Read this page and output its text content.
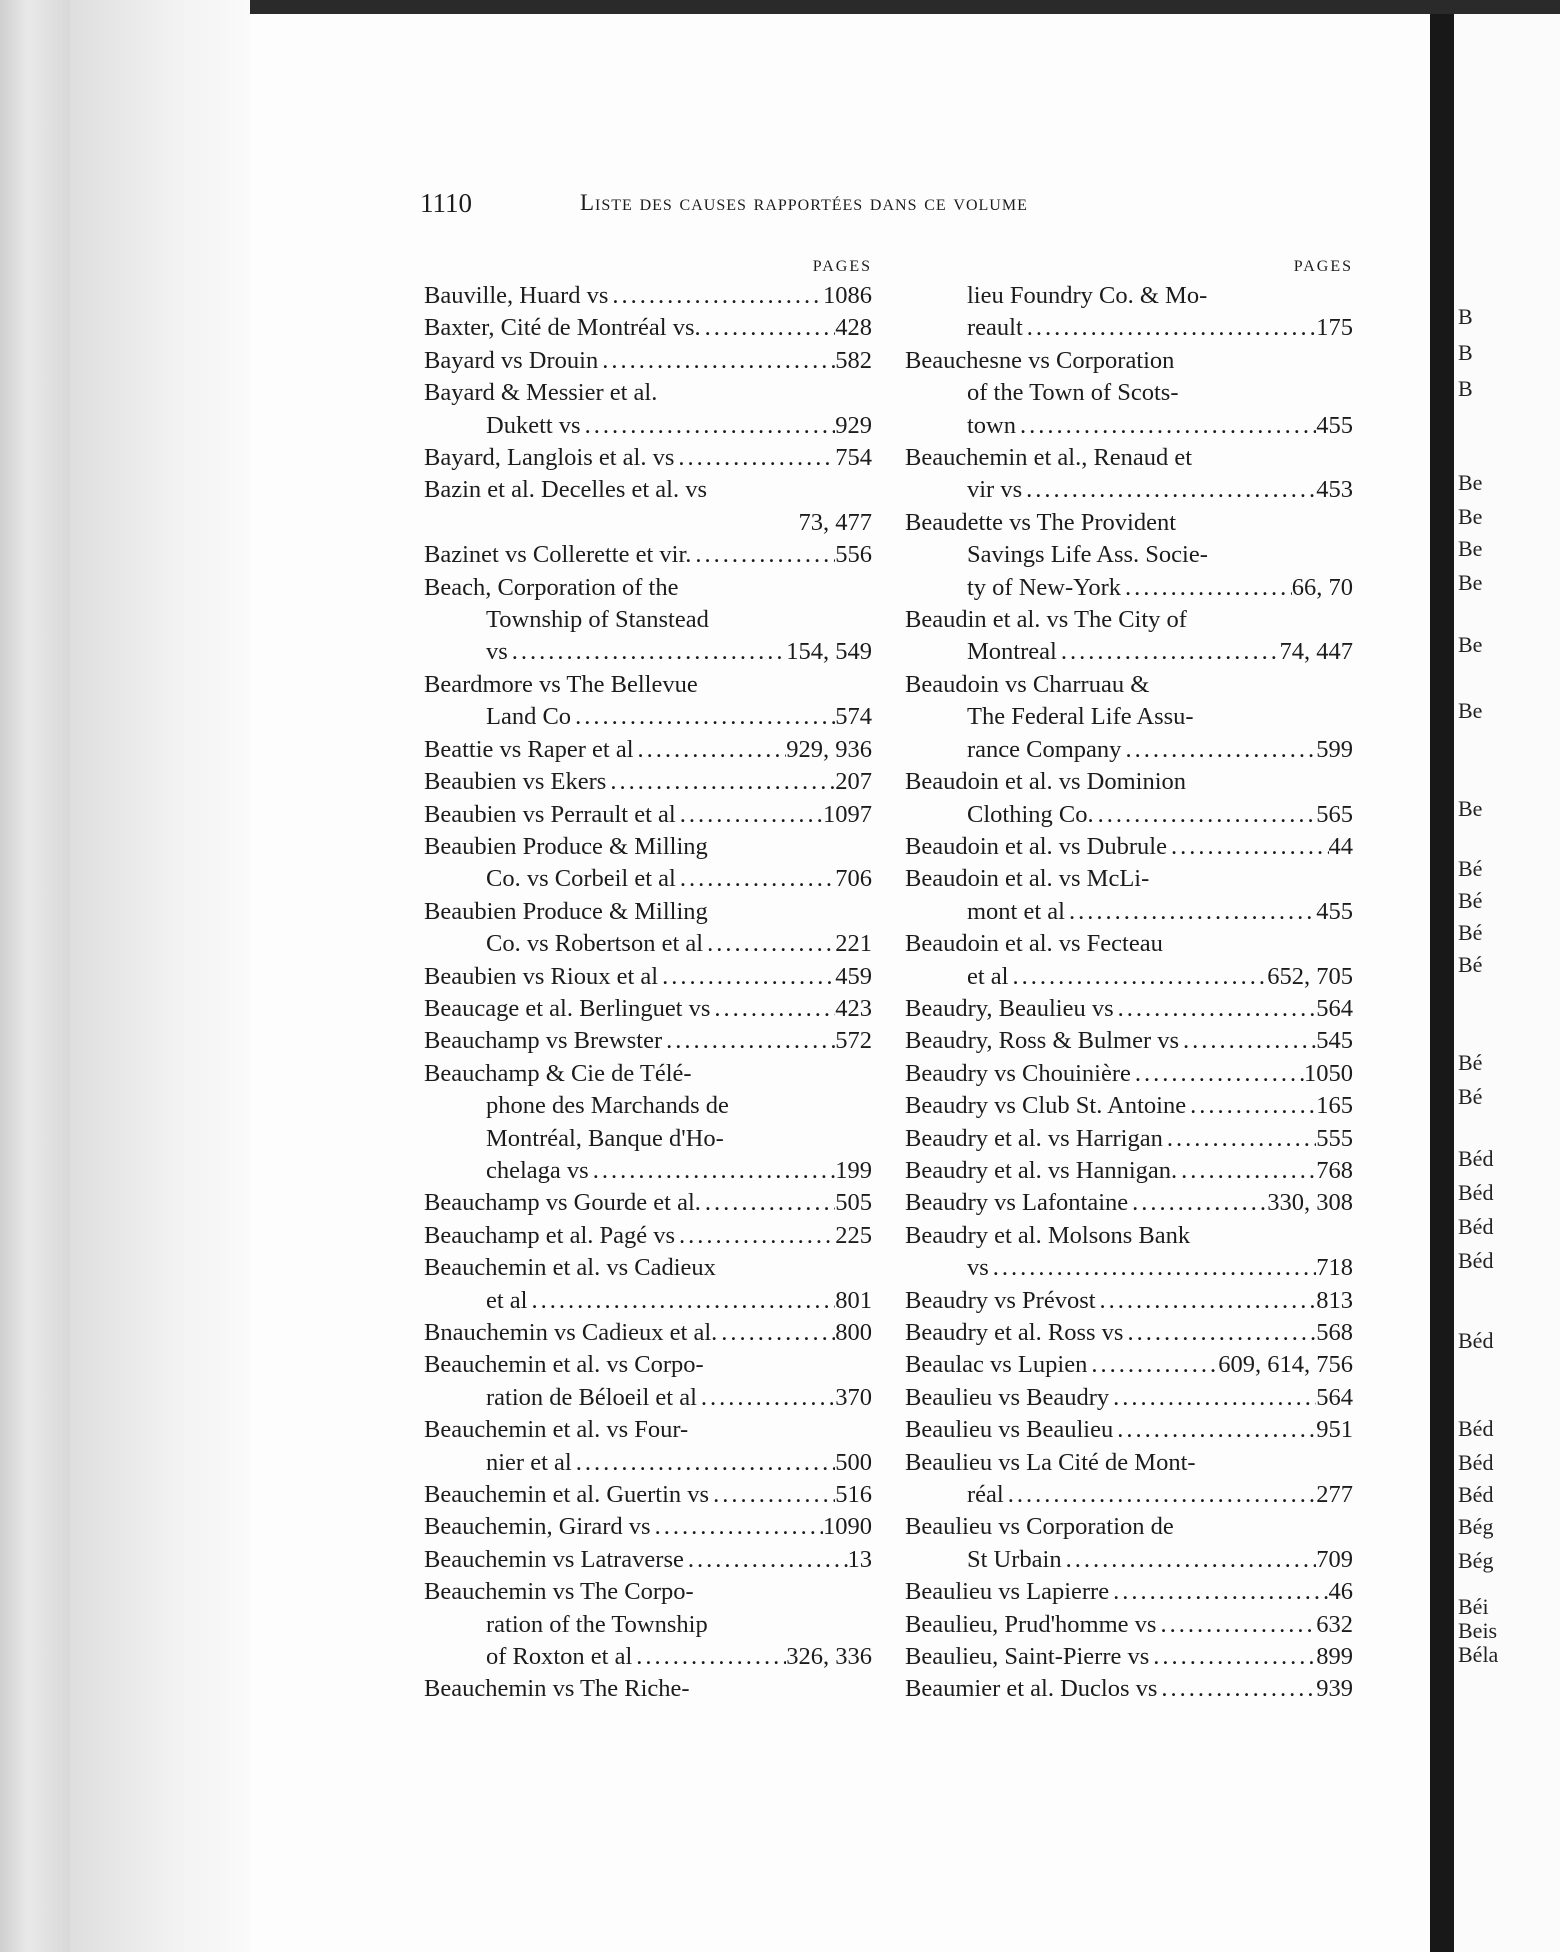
B
B
B
Be
Be
Be
Be
Be
Be
Be
Bé
Bé
Bé
Bé
Bé
Bé
Béd
Béd
Béd
Béd
Béd
Béd
Béd
Béd
Bég
Bég
Béi
Beis
Béla
1110	Liste des causes rapportées dans ce volume
PAGES
Bauville, Huard vs .....	1086
Baxter, Cité de Montréal vs. .....	428
Bayard vs Drouin .....	582
Bayard & Messier et al.
Dukett vs .....	929
Bayard, Langlois et al. vs .....	754
Bazin et al. Decelles et al. vs
73, 477
Bazinet vs Collerette et vir. .....	556
Beach, Corporation of the
Township of Stanstead
vs .....	154, 549
Beardmore vs The Bellevue
Land Co .....	574
Beattie vs Raper et al .....	929, 936
Beaubien vs Ekers .....	207
Beaubien vs Perrault et al .....	1097
Beaubien Produce & Milling
Co. vs Corbeil et al .....	706
Beaubien Produce & Milling
Co. vs Robertson et al .....	221
Beaubien vs Rioux et al .....	459
Beaucage et al. Berlinguet vs .....	423
Beauchamp vs Brewster .....	572
Beauchamp & Cie de Télé-
phone des Marchands de
Montréal, Banque d'Ho-
chelaga vs .....	199
Beauchamp vs Gourde et al. .....	505
Beauchamp et al. Pagé vs .....	225
Beauchemin et al. vs Cadieux
et al .....	801
Bnauchemin vs Cadieux et al. .....	800
Beauchemin et al. vs Corpo-
ration de Béloeil et al .....	370
Beauchemin et al. vs Four-
nier et al .....	500
Beauchemin et al. Guertin vs .....	516
Beauchemin, Girard vs .....	1090
Beauchemin vs Latraverse .....	13
Beauchemin vs The Corpo-
ration of the Township
of Roxton et al .....	326, 336
Beauchemin vs The Riche-
PAGES
lieu Foundry Co. & Mo-
reault .....	175
Beauchesne vs Corporation
of the Town of Scots-
town .....	455
Beauchemin et al., Renaud et
vir vs .....	453
Beaudette vs The Provident
Savings Life Ass. Socie-
ty of New-York .....	66, 70
Beaudin et al. vs The City of
Montreal .....	74, 447
Beaudoin vs Charruau &
The Federal Life Assu-
rance Company .....	599
Beaudoin et al. vs Dominion
Clothing Co. .....	565
Beaudoin et al. vs Dubrule .....	44
Beaudoin et al. vs McLi-
mont et al .....	455
Beaudoin et al. vs Fecteau
et al .....	652, 705
Beaudry, Beaulieu vs .....	564
Beaudry, Ross & Bulmer vs .....	545
Beaudry vs Chouinière .....	1050
Beaudry vs Club St. Antoine .....	165
Beaudry et al. vs Harrigan .....	555
Beaudry et al. vs Hannigan. .....	768
Beaudry vs Lafontaine .....	330, 308
Beaudry et al. Molsons Bank
vs .....	718
Beaudry vs Prévost .....	813
Beaudry et al. Ross vs .....	568
Beaulac vs Lupien .....	609, 614, 756
Beaulieu vs Beaudry .....	564
Beaulieu vs Beaulieu .....	951
Beaulieu vs La Cité de Mont-
réal .....	277
Beaulieu vs Corporation de
St Urbain .....	709
Beaulieu vs Lapierre .....	46
Beaulieu, Prud'homme vs .....	632
Beaulieu, Saint-Pierre vs .....	899
Beaumier et al. Duclos vs .....	939
